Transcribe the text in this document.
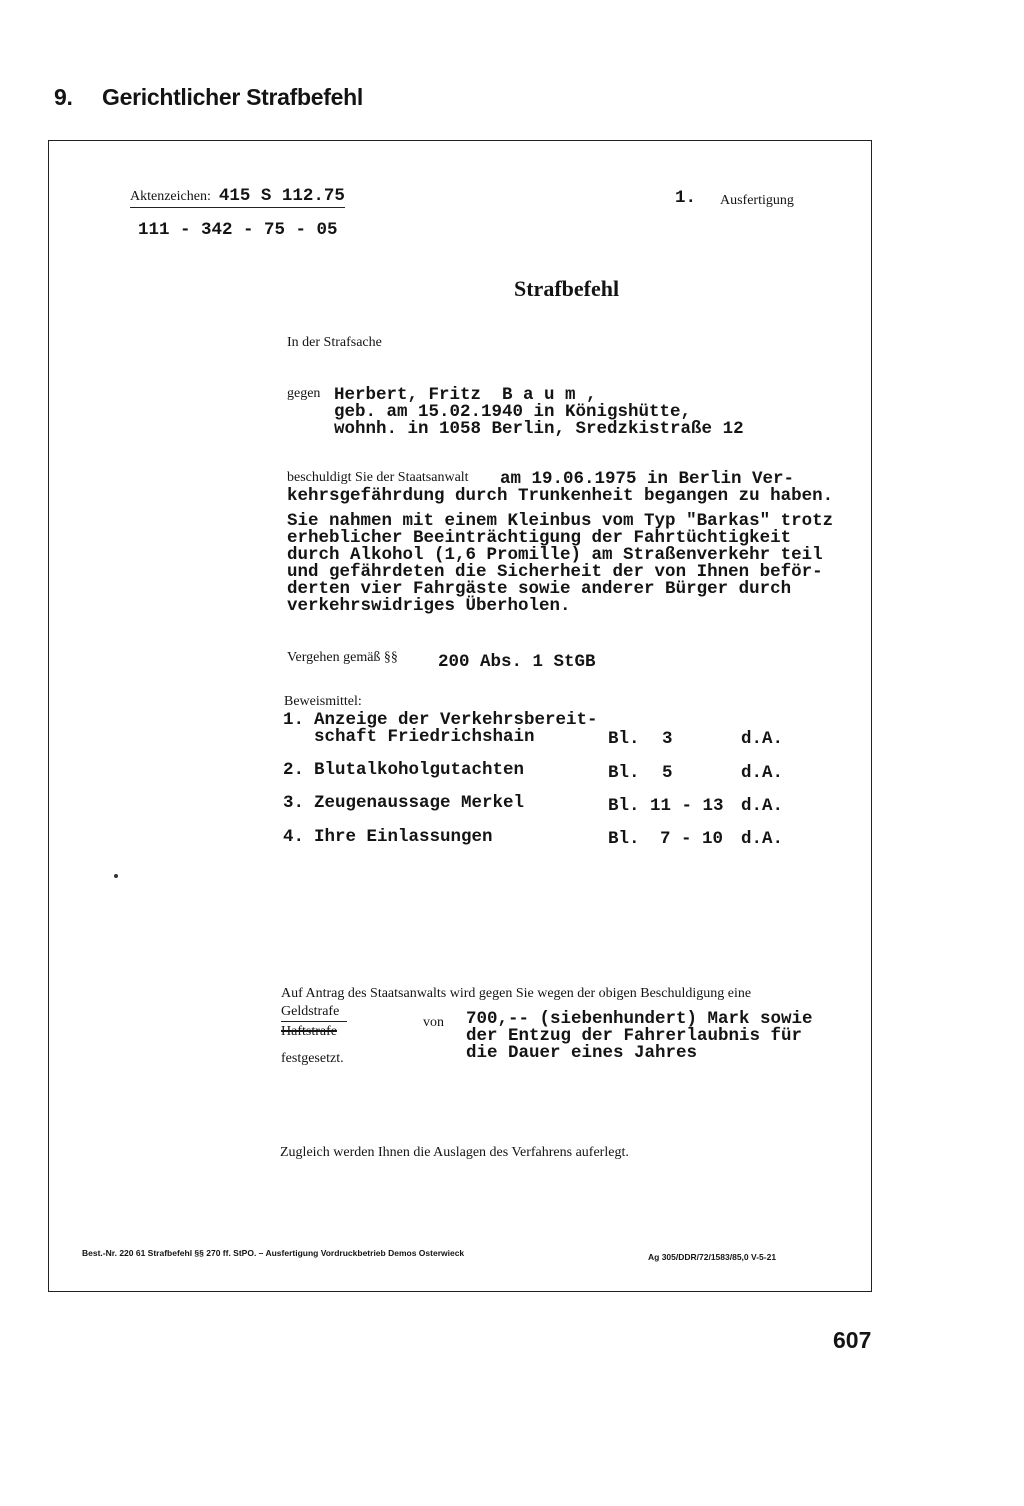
9. Gerichtlicher Strafbefehl
Aktenzeichen: 415 S 112.75
111 - 342 - 75 - 05
1. Ausfertigung
Strafbefehl
In der Strafsache
gegen Herbert, Fritz  B a u m ,
geb. am 15.02.1940 in Königshütte,
wohnh. in 1058 Berlin, Sredzkistraße 12
beschuldigt Sie der Staatsanwalt am 19.06.1975 in Berlin Ver-
kehrsgefährdung durch Trunkenheit begangen zu haben.
Sie nahmen mit einem Kleinbus vom Typ "Barkas" trotz
erheblicher Beeinträchtigung der Fahrtüchtigkeit
durch Alkohol (1,6 Promille) am Straßenverkehr teil
und gefährdeten die Sicherheit der von Ihnen beför-
derten vier Fahrgäste sowie anderer Bürger durch
verkehrswidriges Überholen.
Vergehen gemäß §§ 200 Abs. 1 StGB
Beweismittel:
1. Anzeige der Verkehrsbereit-
schaft Friedrichshain	Bl. 3	d.A.
2. Blutalkoholgutachten	Bl. 5	d.A.
3. Zeugenaussage Merkel	Bl. 11 - 13 d.A.
4. Ihre Einlassungen	Bl. 7 - 10 d.A.
Auf Antrag des Staatsanwalts wird gegen Sie wegen der obigen Beschuldigung eine
Geldstrafe
Haftstrafe
von 700,-- (siebenhundert) Mark sowie
der Entzug der Fahrerlaubnis für
die Dauer eines Jahres
festgesetzt.
Zugleich werden Ihnen die Auslagen des Verfahrens auferlegt.
Best.-Nr. 220 61 Strafbefehl §§ 270 ff. StPO. – Ausfertigung Vordruckbetrieb Demos Osterwieck	Ag 305/DDR/72/1583/85,0 V-5-21
607
